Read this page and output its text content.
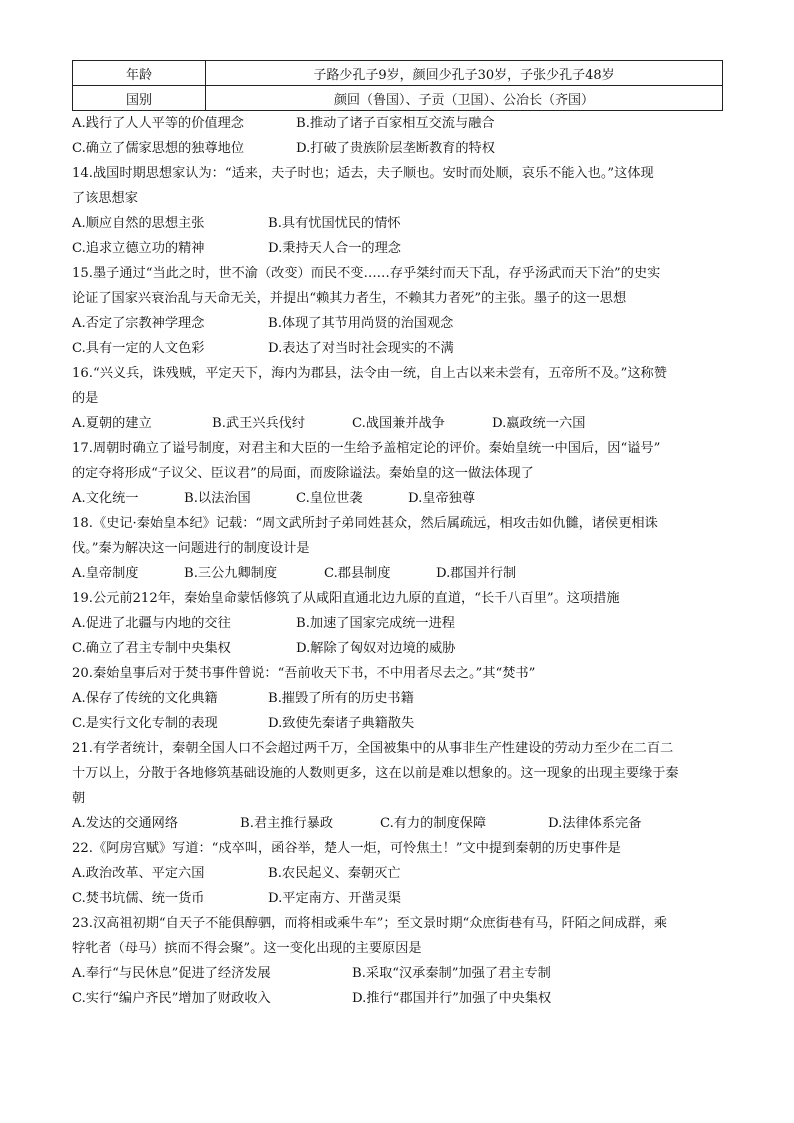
年龄	子路少孔子9岁，颜回少孔子30岁，子张少孔子48岁
国别	颜回（鲁国）、子贡（卫国）、公冶长（齐国）
A.践行了人人平等的价值理念	B.推动了诸子百家相互交流与融合
C.确立了儒家思想的独尊地位	D.打破了贵族阶层垄断教育的特权
14.战国时期思想家认为：“适来，夫子时也；适去，夫子顺也。安时而处顺，哀乐不能入也。”这体现
了该思想家
A.顺应自然的思想主张	B.具有忧国忧民的情怀
C.追求立德立功的精神	D.秉持天人合一的理念
15.墨子通过“当此之时，世不渝（改变）而民不变……存乎桀纣而天下乱，存乎汤武而天下治”的史实
论证了国家兴衰治乱与天命无关，并提出“赖其力者生，不赖其力者死”的主张。墨子的这一思想
A.否定了宗教神学理念	B.体现了其节用尚贤的治国观念
C.具有一定的人文色彩	D.表达了对当时社会现实的不满
16.“兴义兵，诛残贼，平定天下，海内为郡县，法令由一统，自上古以来未尝有，五帝所不及。”这称赞
的是
A.夏朝的建立	B.武王兴兵伐纣	C.战国兼并战争	D.嬴政统一六国
17.周朝时确立了谥号制度，对君主和大臣的一生给予盖棺定论的评价。秦始皇统一中国后，因“谥号”
的定夺将形成“子议父、臣议君”的局面，而废除谥法。秦始皇的这一做法体现了
A.文化统一	B.以法治国	C.皇位世袭	D.皇帝独尊
18.《史记·秦始皇本纪》记载：“周文武所封子弟同姓甚众，然后属疏远，相攻击如仇雠，诸侯更相诛
伐。”秦为解决这一问题进行的制度设计是
A.皇帝制度	B.三公九卿制度	C.郡县制度	D.郡国并行制
19.公元前212年，秦始皇命蒙恬修筑了从咸阳直通北边九原的直道，“长千八百里”。这项措施
A.促进了北疆与内地的交往	B.加速了国家完成统一进程
C.确立了君主专制中央集权	D.解除了匈奴对边境的威胁
20.秦始皇事后对于焚书事件曾说：“吾前收天下书，不中用者尽去之。”其“焚书”
A.保存了传统的文化典籍	B.摧毁了所有的历史书籍
C.是实行文化专制的表现	D.致使先秦诸子典籍散失
21.有学者统计，秦朝全国人口不会超过两千万，全国被集中的从事非生产性建设的劳动力至少在二百二
十万以上，分散于各地修筑基础设施的人数则更多，这在以前是难以想象的。这一现象的出现主要缘于秦
朝
A.发达的交通网络	B.君主推行暴政	C.有力的制度保障	D.法律体系完备
22.《阿房宫赋》写道：“戍卒叫，函谷举，楚人一炬，可怜焦土！”文中提到秦朝的历史事件是
A.政治改革、平定六国	B.农民起义、秦朝灭亡
C.焚书坑儒、统一货币	D.平定南方、开凿灵渠
23.汉高祖初期“自天子不能俱醇驷，而将相或乘牛车”；至文景时期“众庶街巷有马，阡陌之间成群，乘
牸牝者（母马）摈而不得会聚”。这一变化出现的主要原因是
A.奉行“与民休息”促进了经济发展	B.采取“汉承秦制”加强了君主专制
C.实行“编户齐民”增加了财政收入	D.推行“郡国并行”加强了中央集权
